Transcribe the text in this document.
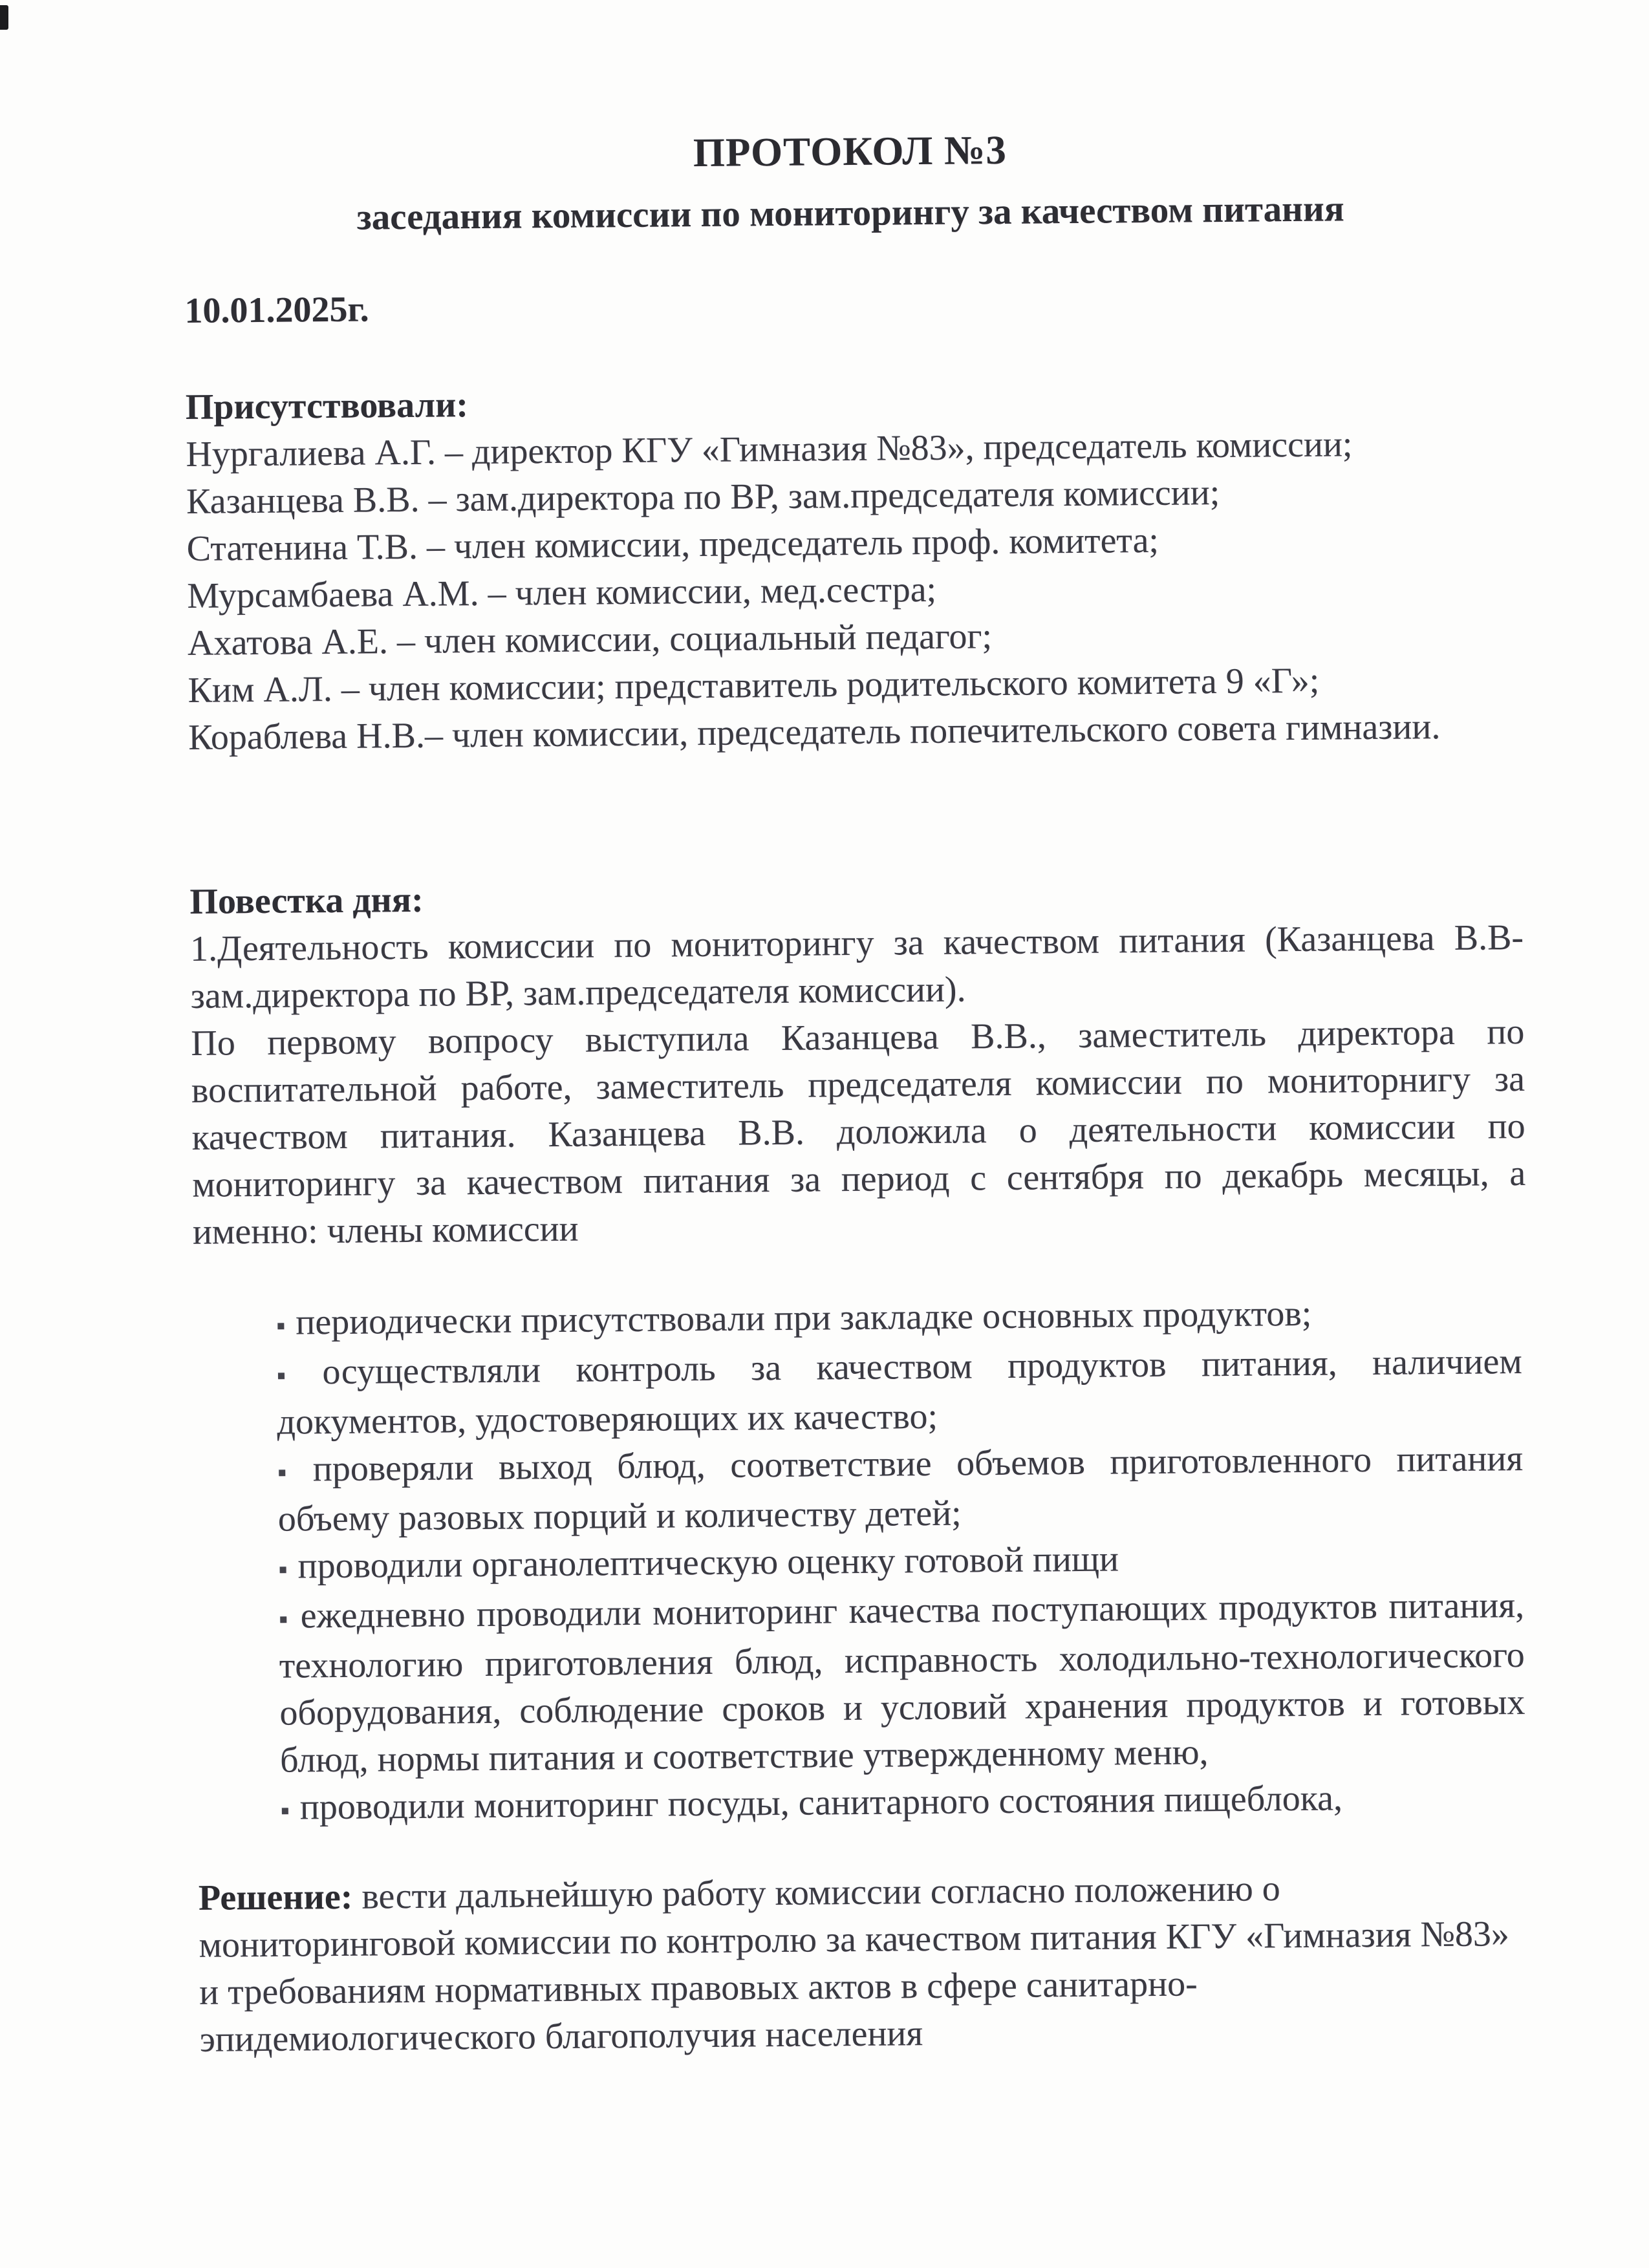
ПРОТОКОЛ №3
заседания комиссии по мониторингу за качеством питания

10.01.2025г.

Присутствовали:

Нургалиева А.Г. – директор КГУ «Гимназия №83», председатель комиссии;

Казанцева В.В. – зам.директора по ВР, зам.председателя комиссии;

Статенина Т.В. – член комиссии, председатель проф. комитета;

Мурсамбаева А.М. – член комиссии, мед.сестра;

Ахатова А.Е. – член комиссии, социальный педагог;

Ким А.Л. – член комиссии; представитель родительского комитета 9 «Г»;

Кораблева Н.В.– член комиссии, председатель попечительского совета гимназии.

Повестка дня:

1.Деятельность комиссии по мониторингу за качеством питания (Казанцева В.В- зам.директора по ВР, зам.председателя комиссии).

По первому вопросу выступила Казанцева В.В., заместитель директора по воспитательной работе, заместитель председателя комиссии по мониторнигу за качеством питания. Казанцева В.В. доложила о деятельности комиссии по мониторингу за качеством питания за период с сентября по декабрь месяцы, а именно: члены комиссии

▪ периодически присутствовали при закладке основных продуктов;

▪ осуществляли контроль за качеством продуктов питания, наличием документов, удостоверяющих их качество;

▪ проверяли выход блюд, соответствие объемов приготовленного питания объему разовых порций и количеству детей;

▪ проводили органолептическую оценку готовой пищи

▪ ежедневно проводили мониторинг качества поступающих продуктов питания, технологию приготовления блюд, исправность холодильно-технологического оборудования, соблюдение сроков и условий хранения продуктов и готовых блюд, нормы питания и соответствие утвержденному меню,

▪ проводили мониторинг посуды, санитарного состояния пищеблока,

Решение: вести дальнейшую работу комиссии согласно положению о мониторинговой комиссии по контролю за качеством питания КГУ «Гимназия №83» и требованиям нормативных правовых актов в сфере санитарно-эпидемиологического благополучия населения
